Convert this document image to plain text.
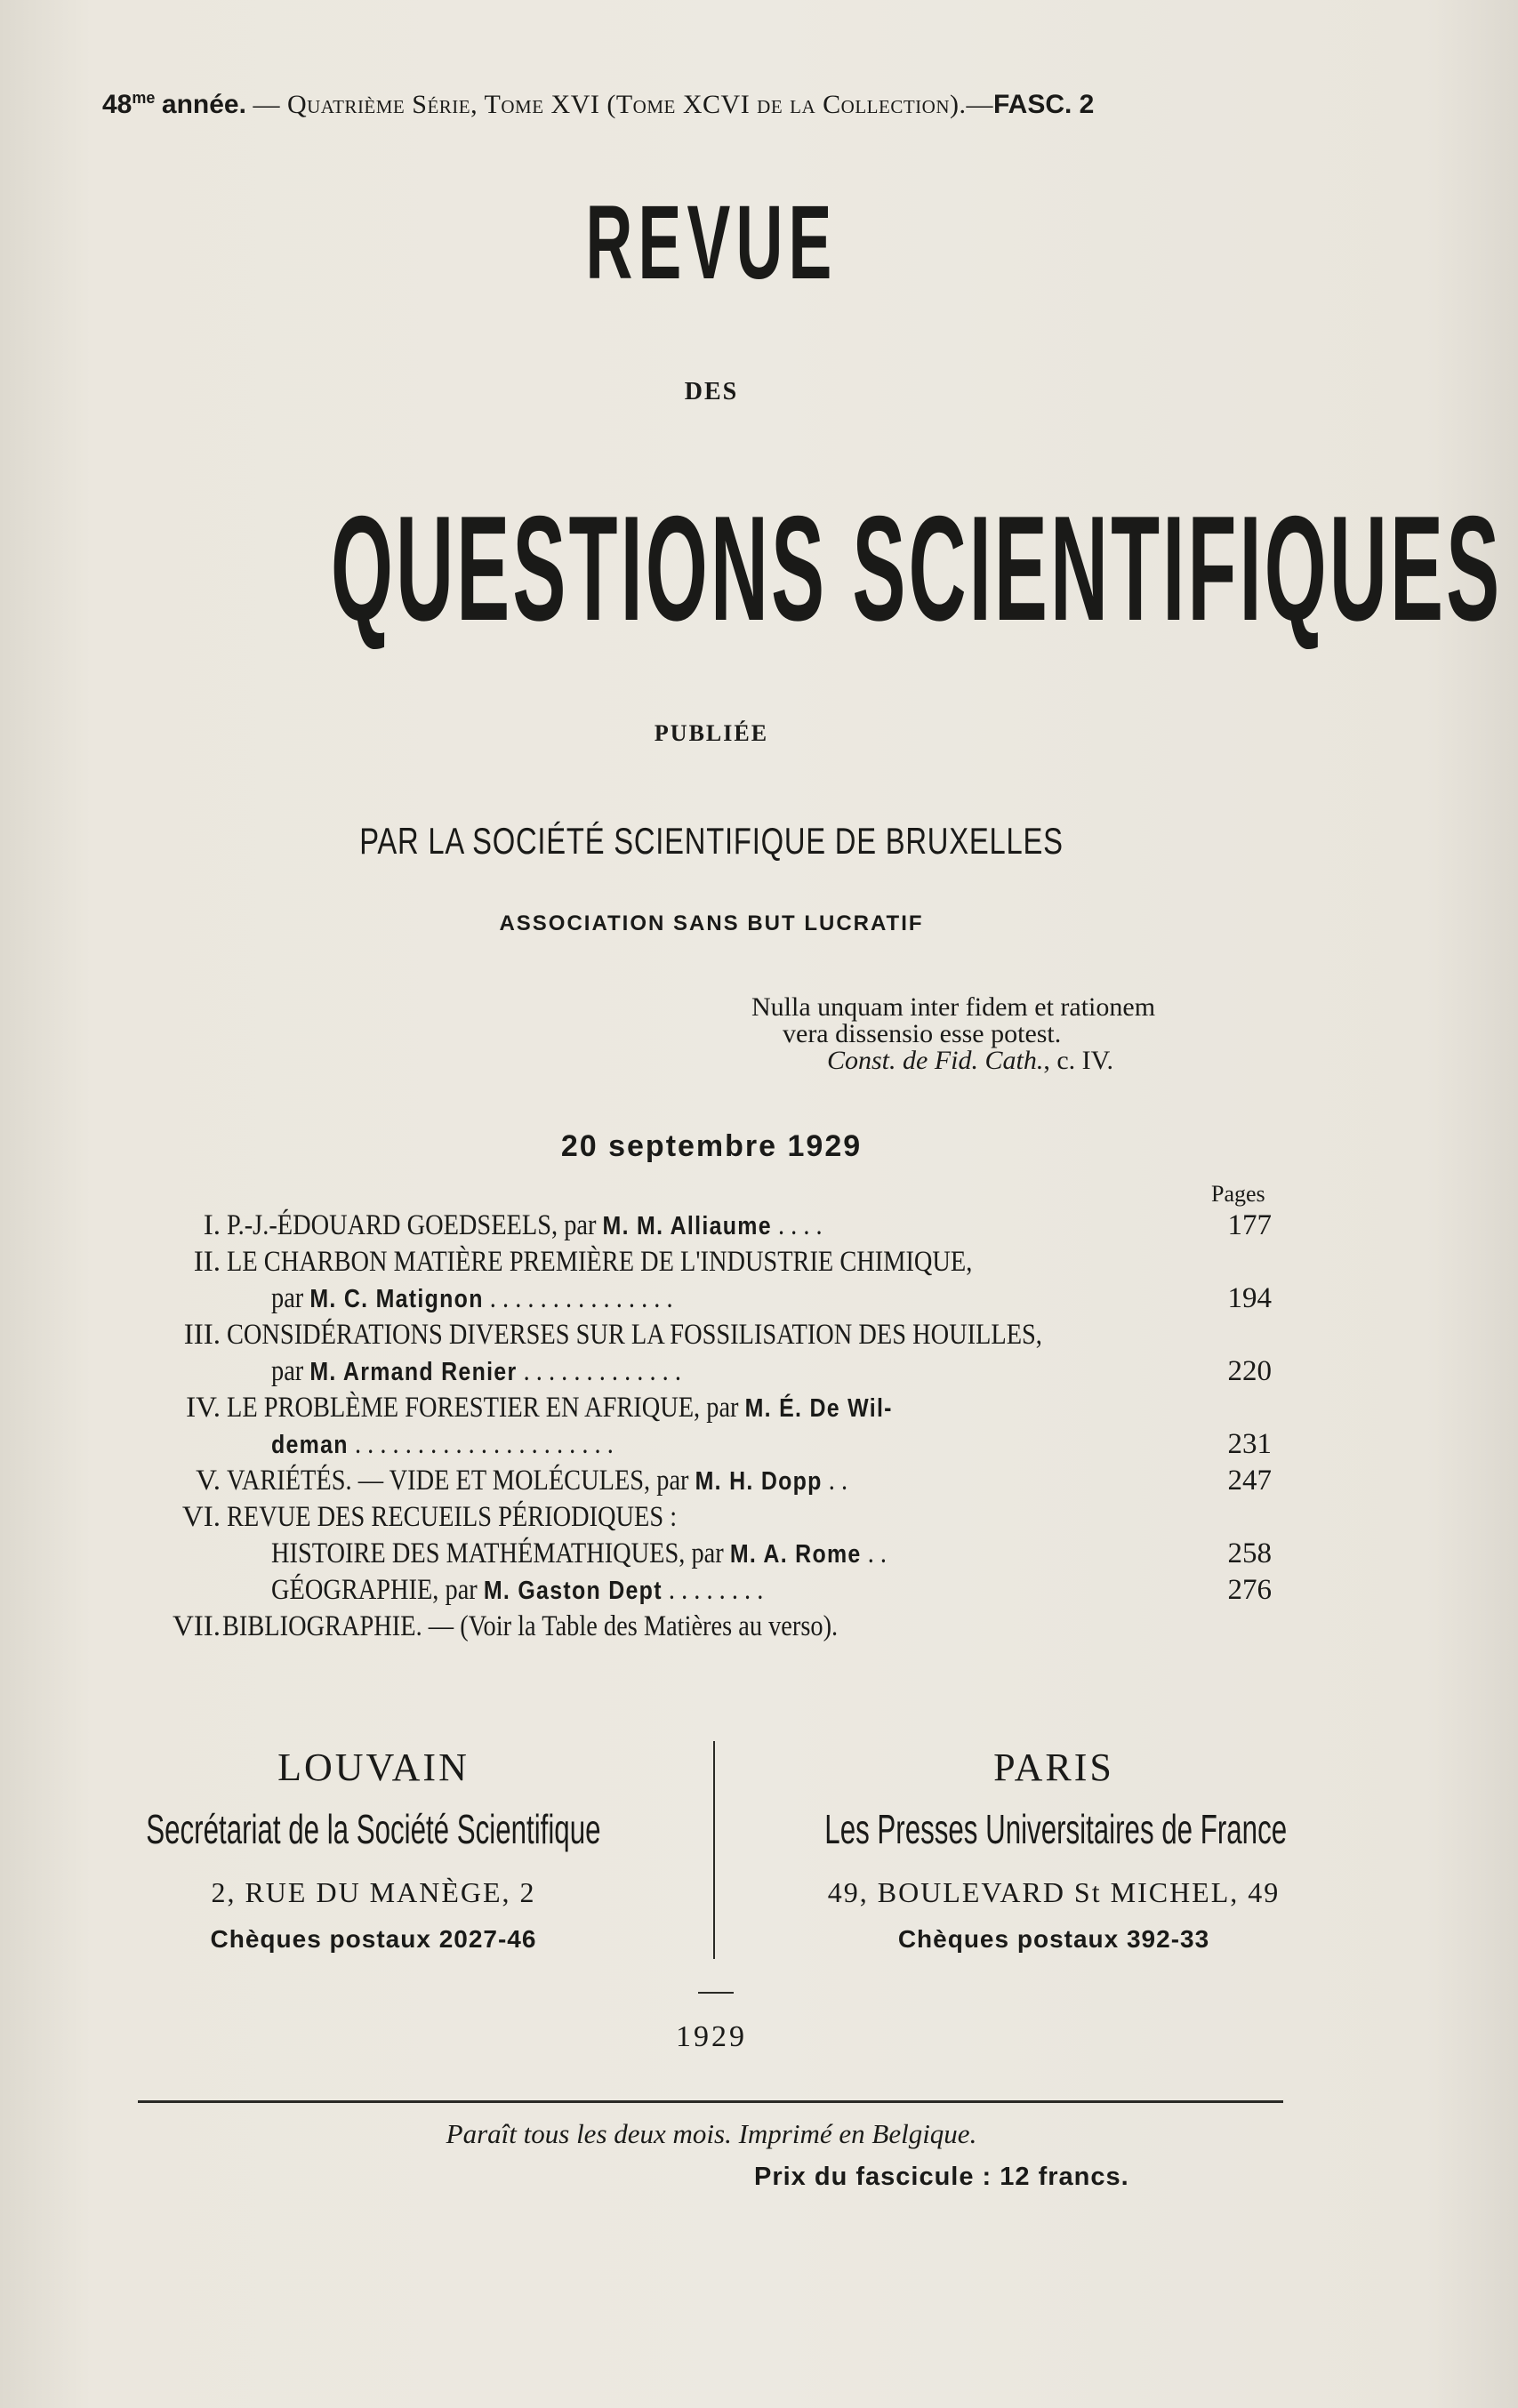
$48^{me}$ année. — Quatrième Série, Tome XVI (Tome XCVI de la Collection).—FASC. 2
REVUE
DES
QUESTIONS SCIENTIFIQUES
PUBLIÉE
PAR LA SOCIÉTÉ SCIENTIFIQUE DE BRUXELLES
ASSOCIATION SANS BUT LUCRATIF
Nulla unquam inter fidem et rationem
vera dissensio esse potest.
Const. de Fid. Cath., c. IV.
20 septembre 1929
Pages
I. P.-J.-ÉDOUARD GOEDSEELS, par M. M. Alliaume . . . .	177
II. LE CHARBON MATIÈRE PREMIÈRE DE L'INDUSTRIE CHIMIQUE,
par M. C. Matignon . . . . . . . . . . . . . . .	194
III. CONSIDÉRATIONS DIVERSES SUR LA FOSSILISATION DES HOUILLES,
par M. Armand Renier . . . . . . . . . . . . .	220
IV. LE PROBLÈME FORESTIER EN AFRIQUE, par M. É. De Wil-
deman . . . . . . . . . . . . . . . . . . . . .	231
V. VARIÉTÉS. — VIDE ET MOLÉCULES, par M. H. Dopp . .	247
VI. REVUE DES RECUEILS PÉRIODIQUES :
HISTOIRE DES MATHÉMATHIQUES, par M. A. Rome . .	258
GÉOGRAPHIE, par M. Gaston Dept . . . . . . . .	276
VII. BIBLIOGRAPHIE. — (Voir la Table des Matières au verso).
LOUVAIN
Secrétariat de la Société Scientifique
2, RUE DU MANÈGE, 2
Chèques postaux 2027-46
PARIS
Les Presses Universitaires de France
49, BOULEVARD St MICHEL, 49
Chèques postaux 392-33
1929
Paraît tous les deux mois. Imprimé en Belgique.
Prix du fascicule : 12 francs.
